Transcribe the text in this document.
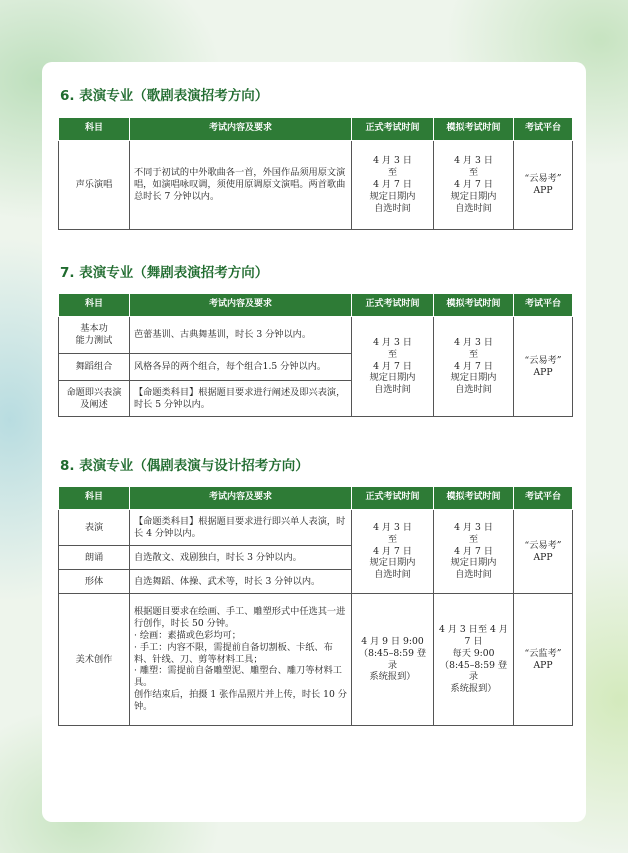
6. 表演专业（歌剧表演招考方向）
科目	考试内容及要求	正式考试时间	模拟考试时间	考试平台
声乐演唱	不同于初试的中外歌曲各一首，外国作品须用原文演唱，如演唱咏叹调，须使用原调原文演唱。两首歌曲总时长 7 分钟以内。	4 月 3 日
至
4 月 7 日
规定日期内
自选时间	4 月 3 日
至
4 月 7 日
规定日期内
自选时间	“云易考”
APP
7. 表演专业（舞剧表演招考方向）
科目	考试内容及要求	正式考试时间	模拟考试时间	考试平台

基本功
能力测试	芭蕾基训、古典舞基训，时长 3 分钟以内。	4 月 3 日
至
4 月 7 日
规定日期内
自选时间	4 月 3 日
至
4 月 7 日
规定日期内
自选时间	“云易考”
APP

舞蹈组合	风格各异的两个组合，每个组合1.5 分钟以内。			

命题即兴表演
及阐述	【命题类科目】根据题目要求进行阐述及即兴表演，时长 5 分钟以内。			
8. 表演专业（偶剧表演与设计招考方向）
科目	考试内容及要求	正式考试时间	模拟考试时间	考试平台
表演	【命题类科目】根据题目要求进行即兴单人表演，时长 4 分钟以内。	4 月 3 日
至
4 月 7 日
规定日期内
自选时间	4 月 3 日
至
4 月 7 日
规定日期内
自选时间	“云易考”
APP

朗诵	自选散文、戏剧独白，时长 3 分钟以内。			
形体	自选舞蹈、体操、武术等，时长 3 分钟以内。			
美术创作	根据题目要求在绘画、手工、雕塑形式中任选其一进行创作，时长 50 分钟。
· 绘画：素描或色彩均可；
· 手工：内容不限，需提前自备切割板、卡纸、布料、针线、刀、剪等材料工具；
· 雕塑：需提前自备雕塑泥、雕塑台、雕刀等材料工具。
创作结束后，拍摄 1 张作品照片并上传，时长 10 分钟。	4 月 9 日 9:00
（8:45–8:59 登录
系统报到）	4 月 3 日至 4 月
7 日
每天 9:00
（8:45–8:59 登录
系统报到）	“云监考”
APP
